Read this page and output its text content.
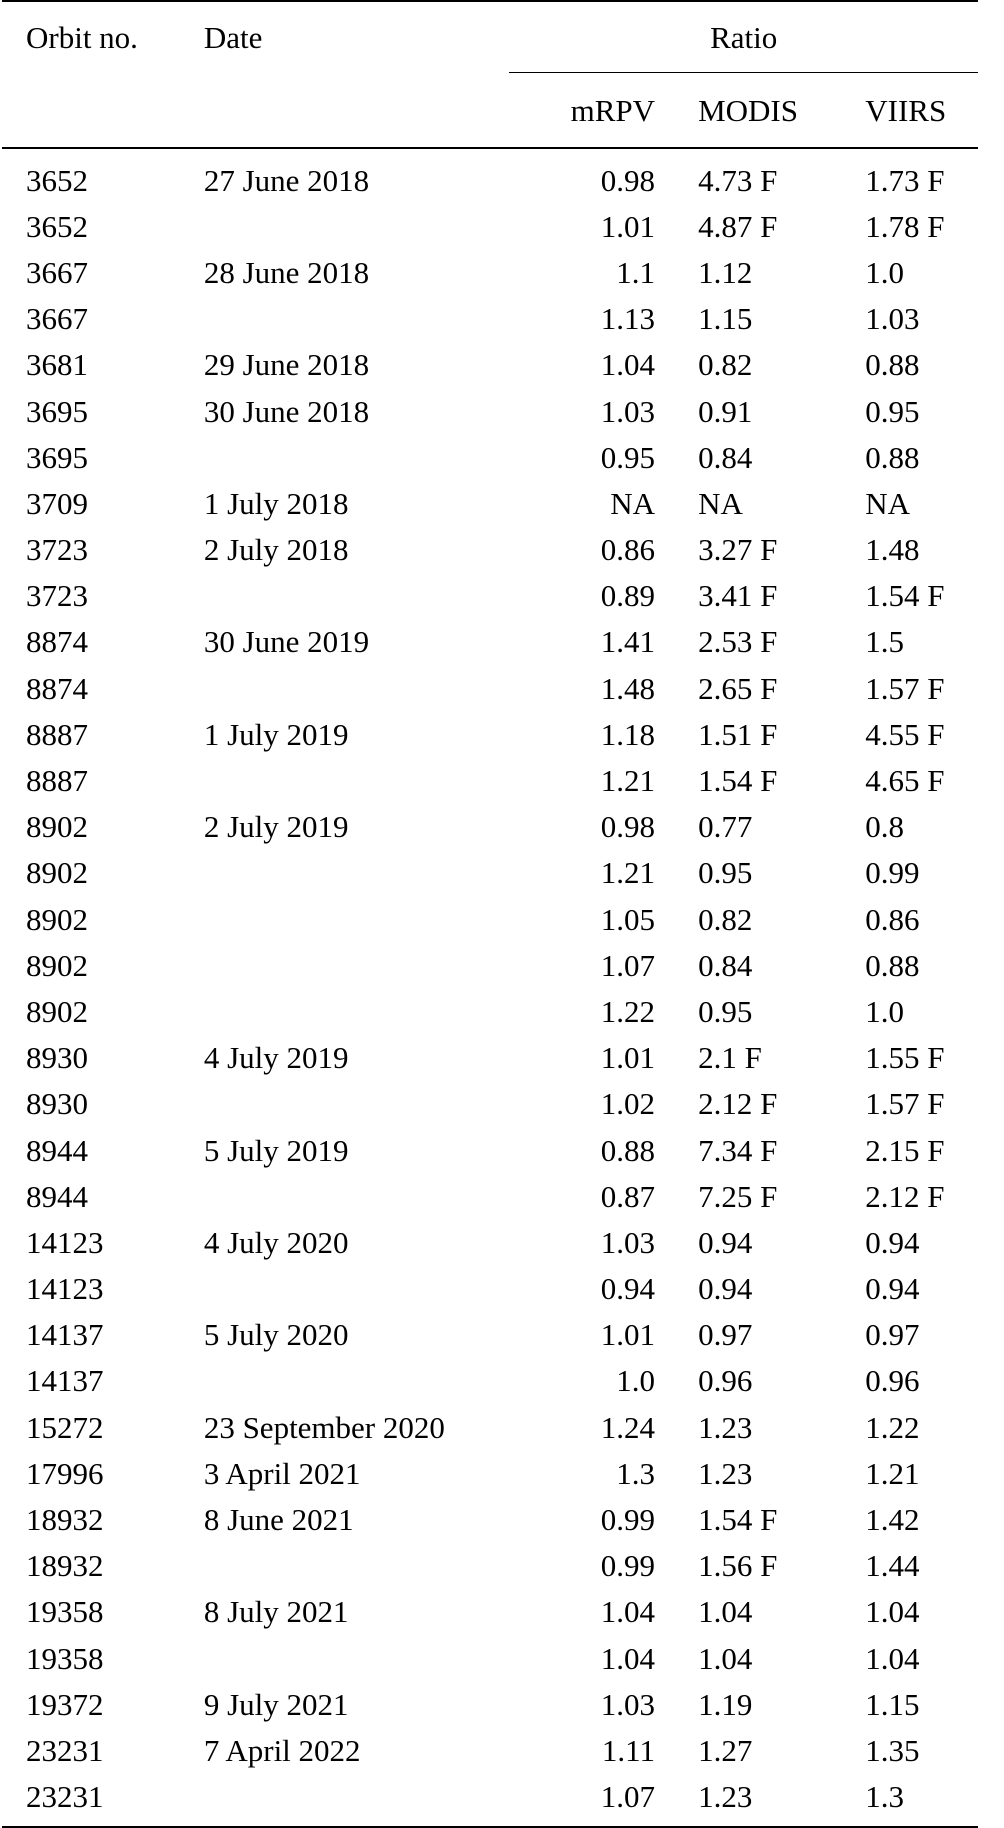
Orbit no.	Date	Ratio			
		mRPV		MODIS	VIIRS
3652	27 June 2018	0.98		4.73 F	1.73 F
3652		1.01		4.87 F	1.78 F
3667	28 June 2018	1.1		1.12	1.0
3667		1.13		1.15	1.03
3681	29 June 2018	1.04		0.82	0.88
3695	30 June 2018	1.03		0.91	0.95
3695		0.95		0.84	0.88
3709	1 July 2018	NA		NA	NA
3723	2 July 2018	0.86		3.27 F	1.48
3723		0.89		3.41 F	1.54 F
8874	30 June 2019	1.41		2.53 F	1.5
8874		1.48		2.65 F	1.57 F
8887	1 July 2019	1.18		1.51 F	4.55 F
8887		1.21		1.54 F	4.65 F
8902	2 July 2019	0.98		0.77	0.8
8902		1.21		0.95	0.99
8902		1.05		0.82	0.86
8902		1.07		0.84	0.88
8902		1.22		0.95	1.0
8930	4 July 2019	1.01		2.1 F	1.55 F
8930		1.02		2.12 F	1.57 F
8944	5 July 2019	0.88		7.34 F	2.15 F
8944		0.87		7.25 F	2.12 F
14123	4 July 2020	1.03		0.94	0.94
14123		0.94		0.94	0.94
14137	5 July 2020	1.01		0.97	0.97
14137		1.0		0.96	0.96
15272	23 September 2020	1.24		1.23	1.22
17996	3 April 2021	1.3		1.23	1.21
18932	8 June 2021	0.99		1.54 F	1.42
18932		0.99		1.56 F	1.44
19358	8 July 2021	1.04		1.04	1.04
19358		1.04		1.04	1.04
19372	9 July 2021	1.03		1.19	1.15
23231	7 April 2022	1.11		1.27	1.35
23231		1.07		1.23	1.3
